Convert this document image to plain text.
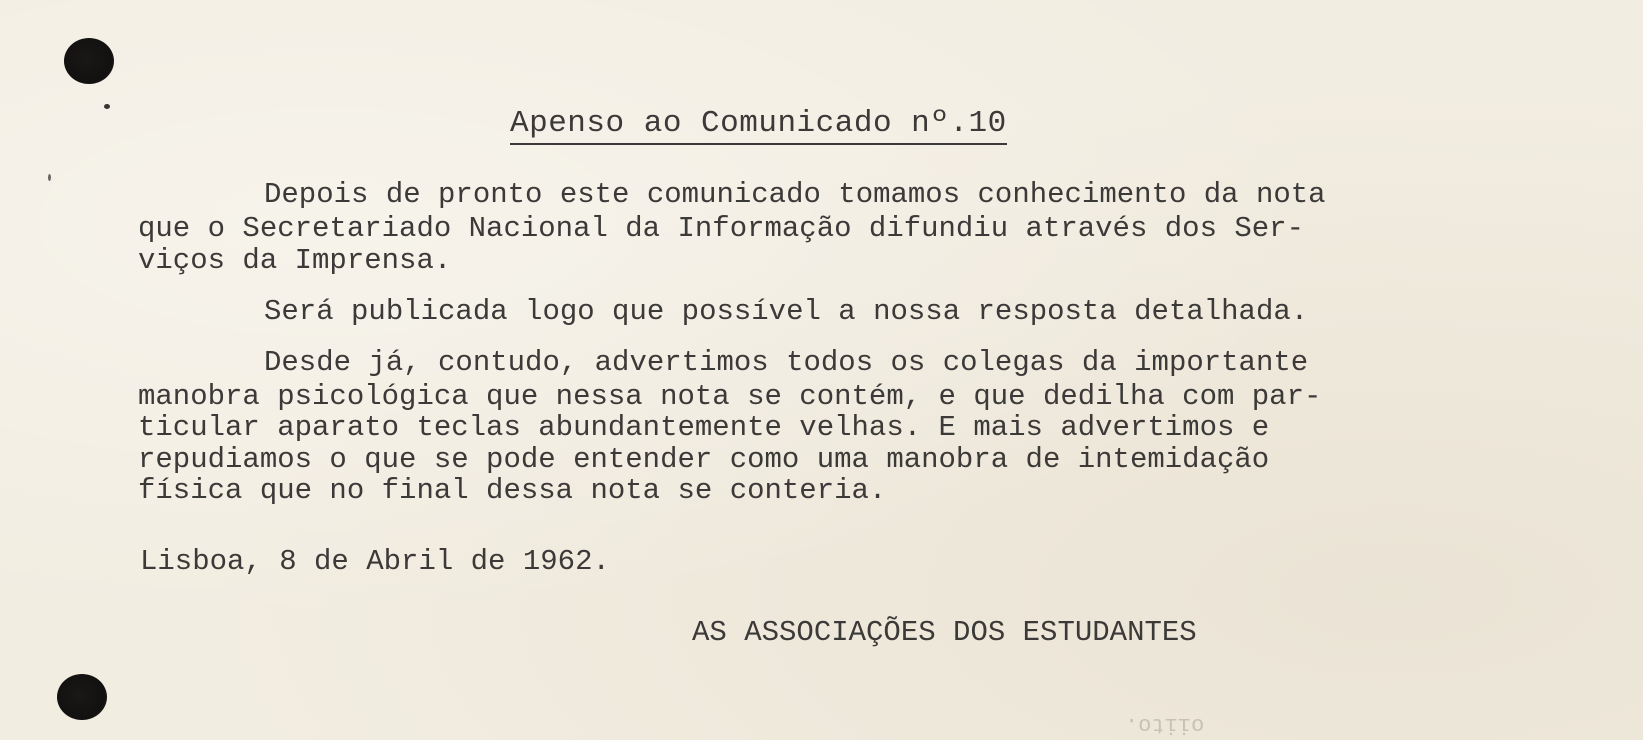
Apenso ao Comunicado nº.10
Depois de pronto este comunicado tomamos conhecimento da nota
que o Secretariado Nacional da Informação difundiu através dos Ser-
viços da Imprensa.
Será publicada logo que possível a nossa resposta detalhada.
Desde já, contudo, advertimos todos os colegas da importante
manobra psicológica que nessa nota se contém, e que dedilha com par-
ticular aparato teclas abundantemente velhas. E mais advertimos e
repudiamos o que se pode entender como uma manobra de intemidação
física que no final dessa nota se conteria.
Lisboa, 8 de Abril de 1962.
AS ASSOCIAÇÕES DOS ESTUDANTES
oiito.
